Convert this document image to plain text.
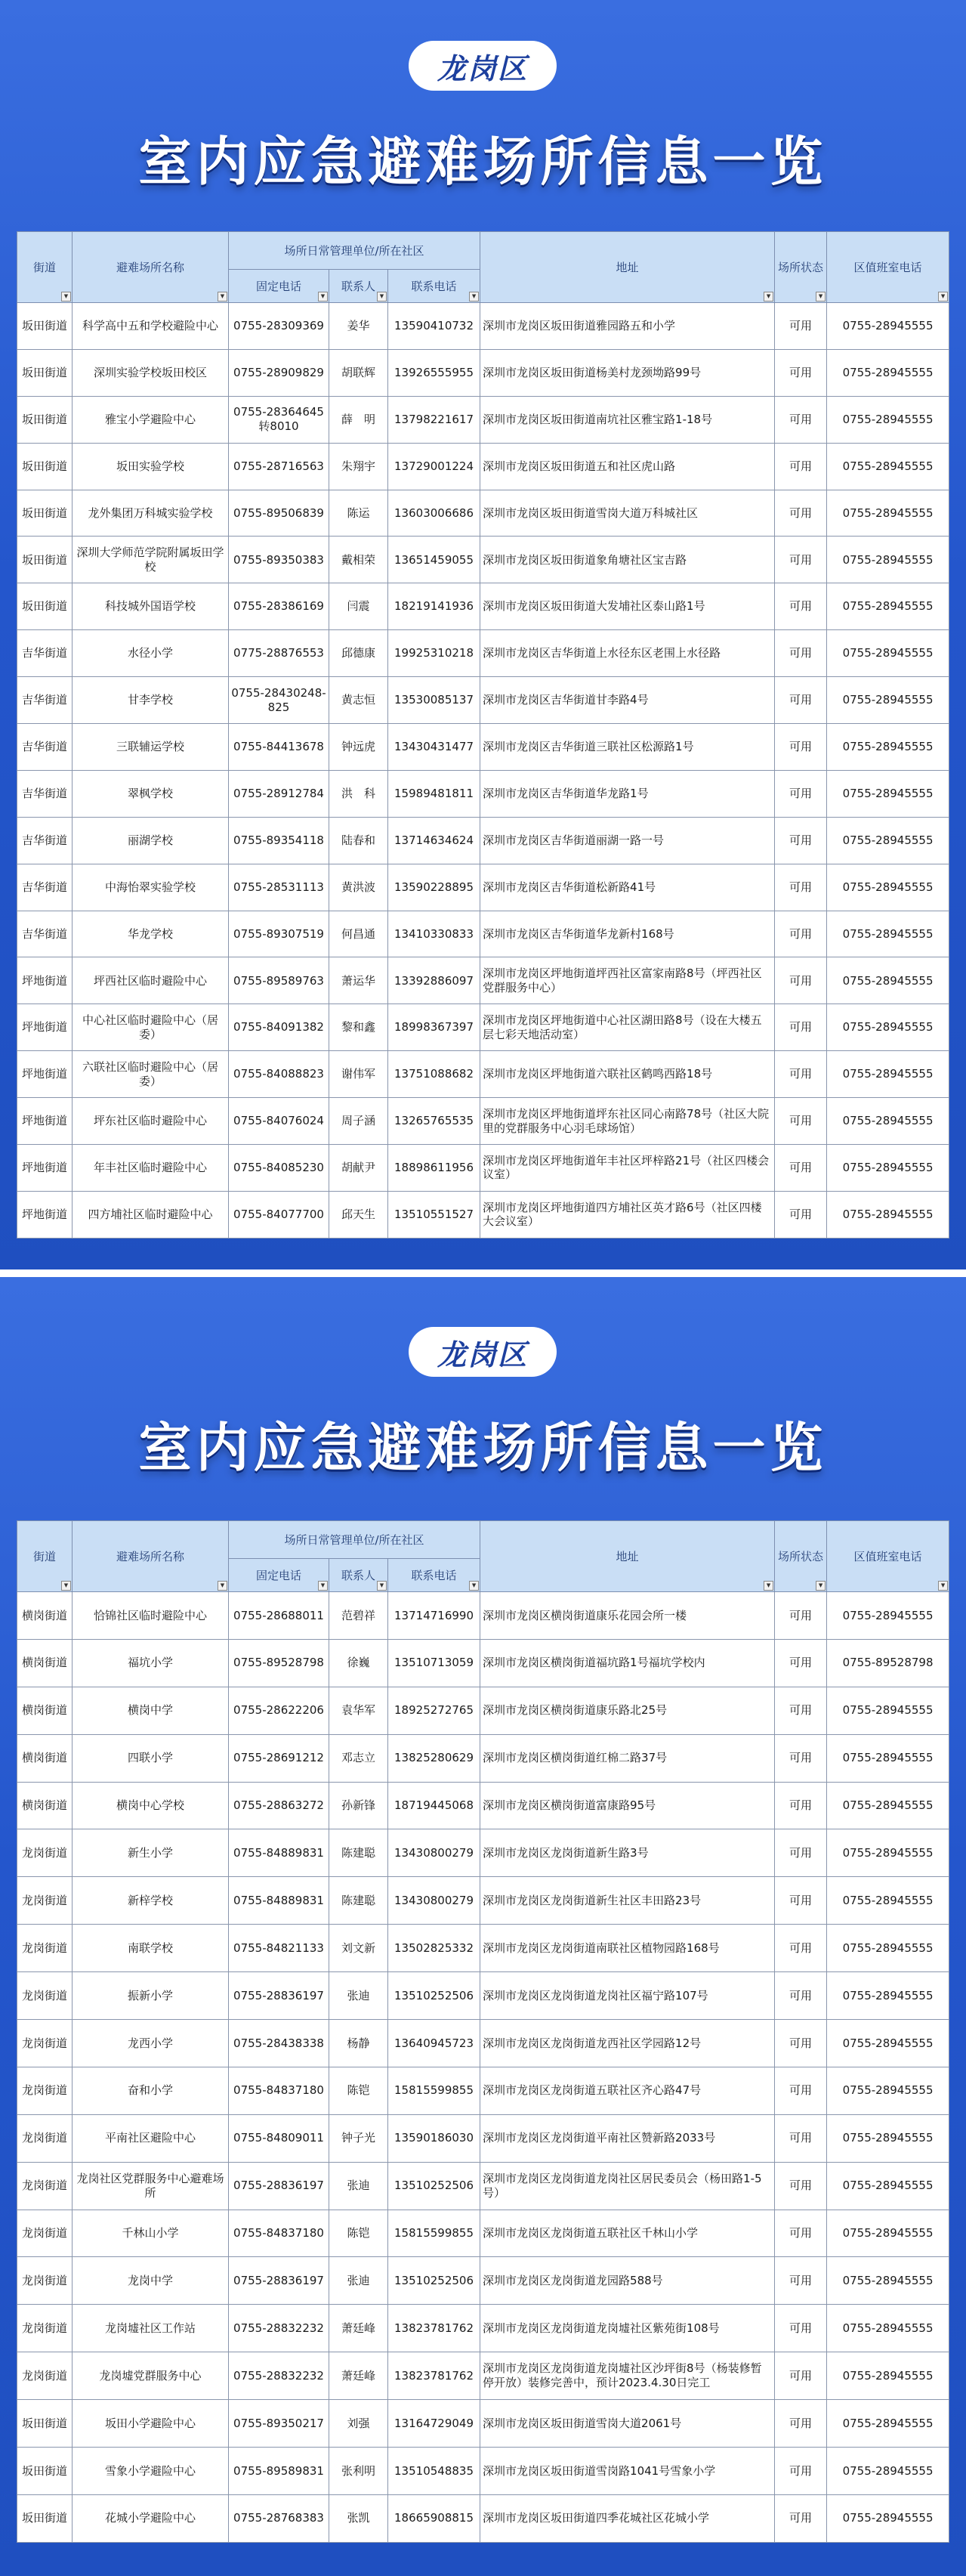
龙岗区
室内应急避难场所信息一览
街道
▼	避难场所名称
▼	场所日常管理单位/所在社区			地址
▼	场所状态
▼	区值班室电话
▼

		固定电话
▼	联系人
▼	联系电话
▼			

坂田街道	科学高中五和学校避险中心	0755-28309369	姜华	13590410732	深圳市龙岗区坂田街道雅园路五和小学	可用	0755-28945555
坂田街道	深圳实验学校坂田校区	0755-28909829	胡联辉	13926555955	深圳市龙岗区坂田街道杨美村龙颈坳路99号	可用	0755-28945555
坂田街道	雅宝小学避险中心	0755-28364645转8010	薛　明	13798221617	深圳市龙岗区坂田街道南坑社区雅宝路1-18号	可用	0755-28945555
坂田街道	坂田实验学校	0755-28716563	朱翔宇	13729001224	深圳市龙岗区坂田街道五和社区虎山路	可用	0755-28945555
坂田街道	龙外集团万科城实验学校	0755-89506839	陈运	13603006686	深圳市龙岗区坂田街道雪岗大道万科城社区	可用	0755-28945555
坂田街道	深圳大学师范学院附属坂田学校	0755-89350383	戴相荣	13651459055	深圳市龙岗区坂田街道象角塘社区宝吉路	可用	0755-28945555
坂田街道	科技城外国语学校	0755-28386169	闫震	18219141936	深圳市龙岗区坂田街道大发埔社区泰山路1号	可用	0755-28945555
吉华街道	水径小学	0775-28876553	邱德康	19925310218	深圳市龙岗区吉华街道上水径东区老围上水径路	可用	0755-28945555
吉华街道	甘李学校	0755-28430248-825	黄志恒	13530085137	深圳市龙岗区吉华街道甘李路4号	可用	0755-28945555
吉华街道	三联辅运学校	0755-84413678	钟远虎	13430431477	深圳市龙岗区吉华街道三联社区松源路1号	可用	0755-28945555
吉华街道	翠枫学校	0755-28912784	洪　科	15989481811	深圳市龙岗区吉华街道华龙路1号	可用	0755-28945555
吉华街道	丽湖学校	0755-89354118	陆春和	13714634624	深圳市龙岗区吉华街道丽湖一路一号	可用	0755-28945555
吉华街道	中海怡翠实验学校	0755-28531113	黄洪波	13590228895	深圳市龙岗区吉华街道松新路41号	可用	0755-28945555
吉华街道	华龙学校	0755-89307519	何昌通	13410330833	深圳市龙岗区吉华街道华龙新村168号	可用	0755-28945555
坪地街道	坪西社区临时避险中心	0755-89589763	萧运华	13392886097	深圳市龙岗区坪地街道坪西社区富家南路8号（坪西社区党群服务中心）	可用	0755-28945555
坪地街道	中心社区临时避险中心（居委）	0755-84091382	黎和鑫	18998367397	深圳市龙岗区坪地街道中心社区湖田路8号（设在大楼五层七彩天地活动室）	可用	0755-28945555
坪地街道	六联社区临时避险中心（居委）	0755-84088823	谢伟军	13751088682	深圳市龙岗区坪地街道六联社区鹤鸣西路18号	可用	0755-28945555
坪地街道	坪东社区临时避险中心	0755-84076024	周子涵	13265765535	深圳市龙岗区坪地街道坪东社区同心南路78号（社区大院里的党群服务中心羽毛球场馆）	可用	0755-28945555
坪地街道	年丰社区临时避险中心	0755-84085230	胡献尹	18898611956	深圳市龙岗区坪地街道年丰社区坪梓路21号（社区四楼会议室）	可用	0755-28945555
坪地街道	四方埔社区临时避险中心	0755-84077700	邱天生	13510551527	深圳市龙岗区坪地街道四方埔社区英才路6号（社区四楼大会议室）	可用	0755-28945555
龙岗区
室内应急避难场所信息一览
街道
▼	避难场所名称
▼	场所日常管理单位/所在社区			地址
▼	场所状态
▼	区值班室电话
▼

		固定电话
▼	联系人
▼	联系电话
▼			

横岗街道	恰锦社区临时避险中心	0755-28688011	范碧祥	13714716990	深圳市龙岗区横岗街道康乐花园会所一楼	可用	0755-28945555
横岗街道	福坑小学	0755-89528798	徐巍	13510713059	深圳市龙岗区横岗街道福坑路1号福坑学校内	可用	0755-89528798
横岗街道	横岗中学	0755-28622206	袁华军	18925272765	深圳市龙岗区横岗街道康乐路北25号	可用	0755-28945555
横岗街道	四联小学	0755-28691212	邓志立	13825280629	深圳市龙岗区横岗街道红棉二路37号	可用	0755-28945555
横岗街道	横岗中心学校	0755-28863272	孙新锋	18719445068	深圳市龙岗区横岗街道富康路95号	可用	0755-28945555
龙岗街道	新生小学	0755-84889831	陈建聪	13430800279	深圳市龙岗区龙岗街道新生路3号	可用	0755-28945555
龙岗街道	新梓学校	0755-84889831	陈建聪	13430800279	深圳市龙岗区龙岗街道新生社区丰田路23号	可用	0755-28945555
龙岗街道	南联学校	0755-84821133	刘文新	13502825332	深圳市龙岗区龙岗街道南联社区植物园路168号	可用	0755-28945555
龙岗街道	振新小学	0755-28836197	张迪	13510252506	深圳市龙岗区龙岗街道龙岗社区福宁路107号	可用	0755-28945555
龙岗街道	龙西小学	0755-28438338	杨静	13640945723	深圳市龙岗区龙岗街道龙西社区学园路12号	可用	0755-28945555
龙岗街道	奋和小学	0755-84837180	陈铠	15815599855	深圳市龙岗区龙岗街道五联社区齐心路47号	可用	0755-28945555
龙岗街道	平南社区避险中心	0755-84809011	钟子光	13590186030	深圳市龙岗区龙岗街道平南社区赞新路2033号	可用	0755-28945555
龙岗街道	龙岗社区党群服务中心避难场所	0755-28836197	张迪	13510252506	深圳市龙岗区龙岗街道龙岗社区居民委员会（杨田路1-5号）	可用	0755-28945555
龙岗街道	千林山小学	0755-84837180	陈铠	15815599855	深圳市龙岗区龙岗街道五联社区千林山小学	可用	0755-28945555
龙岗街道	龙岗中学	0755-28836197	张迪	13510252506	深圳市龙岗区龙岗街道龙园路588号	可用	0755-28945555
龙岗街道	龙岗墟社区工作站	0755-28832232	萧廷峰	13823781762	深圳市龙岗区龙岗街道龙岗墟社区紫苑街108号	可用	0755-28945555
龙岗街道	龙岗墟党群服务中心	0755-28832232	萧廷峰	13823781762	深圳市龙岗区龙岗街道龙岗墟社区沙坪街8号（杨装修暂停开放）装修完善中，预计2023.4.30日完工	可用	0755-28945555
坂田街道	坂田小学避险中心	0755-89350217	刘强	13164729049	深圳市龙岗区坂田街道雪岗大道2061号	可用	0755-28945555
坂田街道	雪象小学避险中心	0755-89589831	张利明	13510548835	深圳市龙岗区坂田街道雪岗路1041号雪象小学	可用	0755-28945555
坂田街道	花城小学避险中心	0755-28768383	张凯	18665908815	深圳市龙岗区坂田街道四季花城社区花城小学	可用	0755-28945555
